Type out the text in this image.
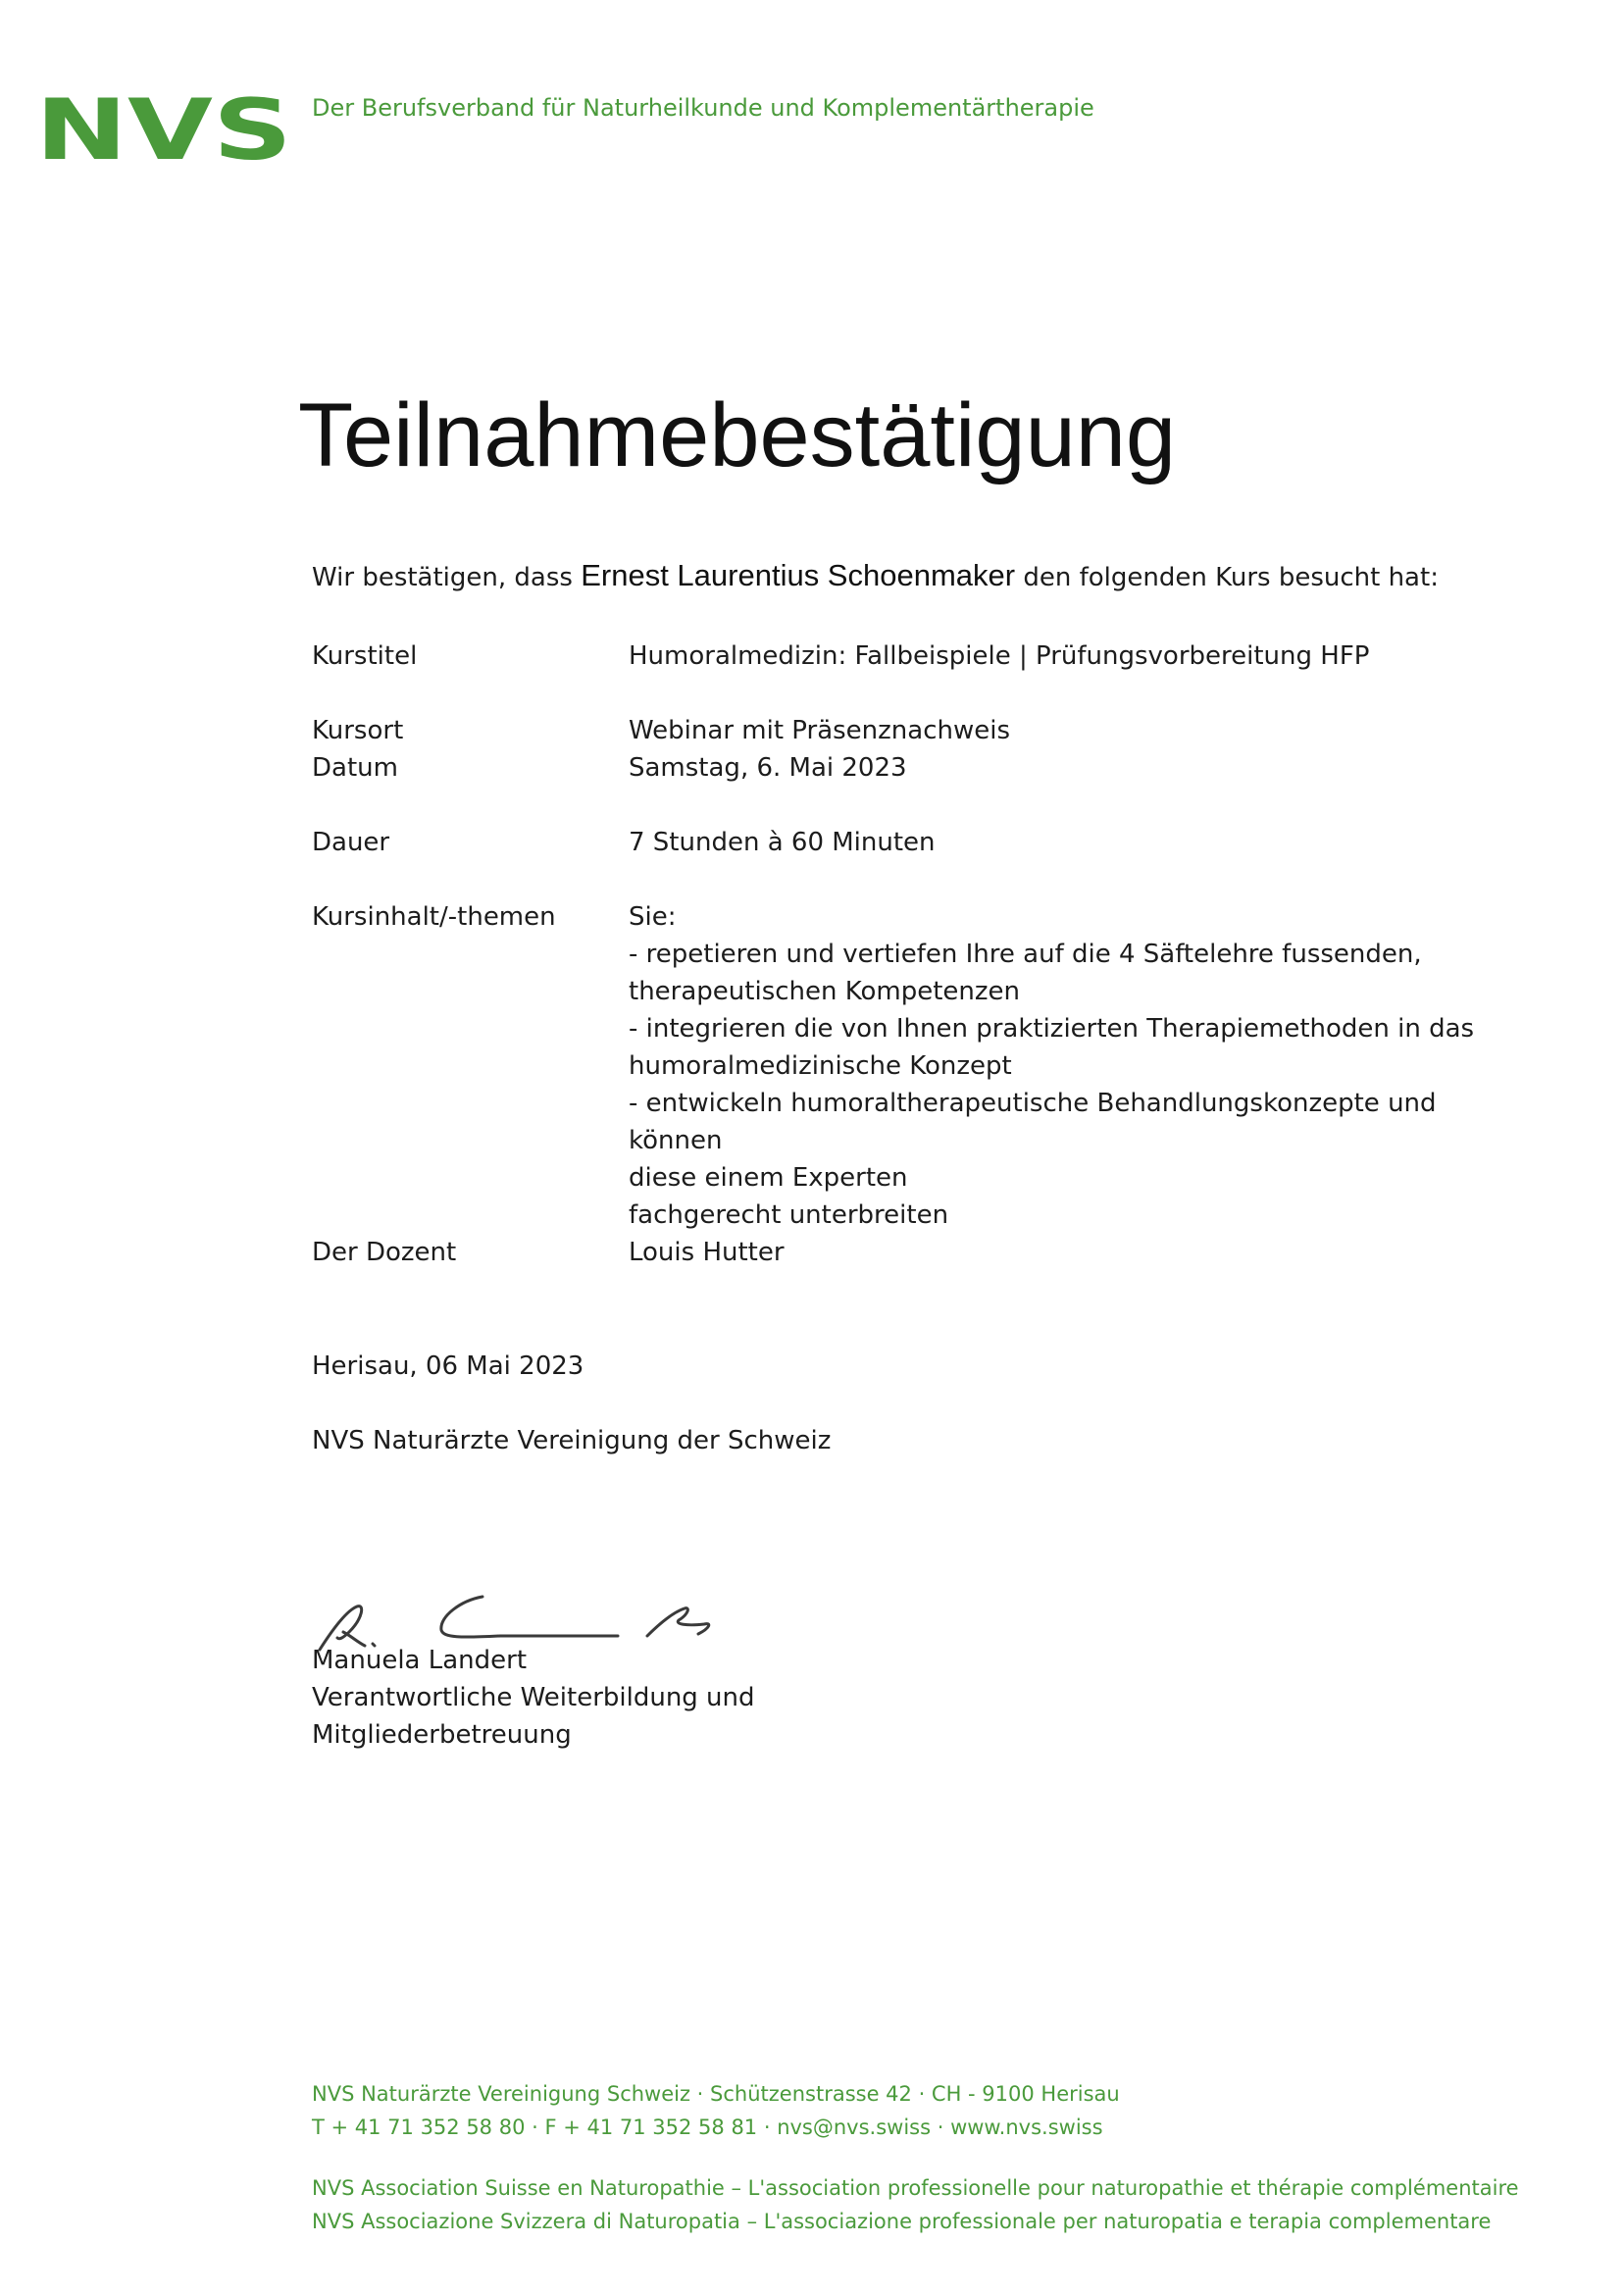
NVS Der Berufsverband für Naturheilkunde und Komplementärtherapie
Teilnahmebestätigung
Wir bestätigen, dass Ernest Laurentius Schoenmaker den folgenden Kurs besucht hat:
Kurstitel	Humoralmedizin: Fallbeispiele | Prüfungsvorbereitung HFP
Kursort	Webinar mit Präsenznachweis
Datum	Samstag, 6. Mai 2023
Dauer	7 Stunden à 60 Minuten
Kursinhalt/-themen	Sie:
- repetieren und vertiefen Ihre auf die 4 Säftelehre fussenden,
therapeutischen Kompetenzen
- integrieren die von Ihnen praktizierten Therapiemethoden in das
humoralmedizinische Konzept
- entwickeln humoraltherapeutische Behandlungskonzepte und können
diese einem Experten
fachgerecht unterbreiten
Der Dozent	Louis Hutter
Herisau, 06 Mai 2023
NVS Naturärzte Vereinigung der Schweiz
Manuela Landert
Verantwortliche Weiterbildung und
Mitgliederbetreuung
NVS Naturärzte Vereinigung Schweiz · Schützenstrasse 42 · CH - 9100 Herisau
T + 41 71 352 58 80 · F + 41 71 352 58 81 · nvs@nvs.swiss · www.nvs.swiss
NVS Association Suisse en Naturopathie – L'association professionelle pour naturopathie et thérapie complémentaire
NVS Associazione Svizzera di Naturopatia – L'associazione professionale per naturopatia e terapia complementare
